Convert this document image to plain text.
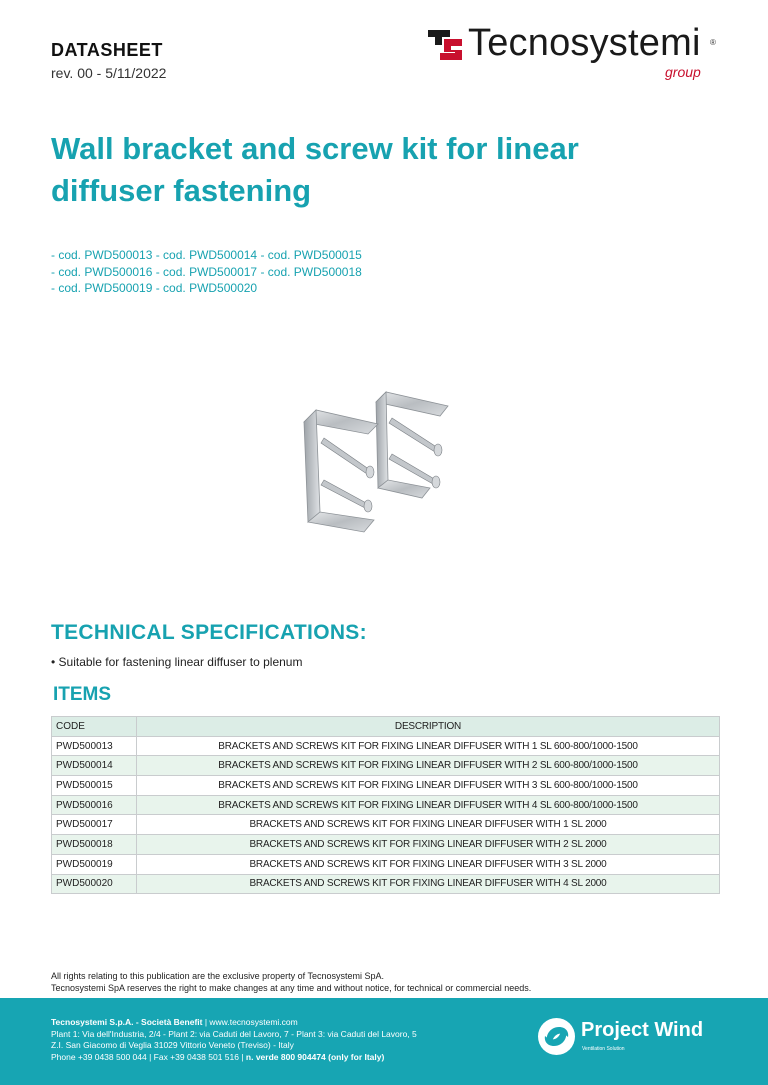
DATASHEET
rev. 00 - 5/11/2022
Tecnosystemi ®
group
Wall bracket and screw kit for linear diffuser fastening
- cod. PWD500013 - cod. PWD500014 - cod. PWD500015
- cod. PWD500016 - cod. PWD500017 - cod. PWD500018
- cod. PWD500019 - cod. PWD500020
TECHNICAL SPECIFICATIONS:
• Suitable for fastening linear diffuser to plenum
ITEMS
CODE	DESCRIPTION
PWD500013	BRACKETS AND SCREWS KIT FOR FIXING LINEAR DIFFUSER WITH 1 SL 600-800/1000-1500
PWD500014	BRACKETS AND SCREWS KIT FOR FIXING LINEAR DIFFUSER WITH 2 SL 600-800/1000-1500
PWD500015	BRACKETS AND SCREWS KIT FOR FIXING LINEAR DIFFUSER WITH 3 SL 600-800/1000-1500
PWD500016	BRACKETS AND SCREWS KIT FOR FIXING LINEAR DIFFUSER WITH 4 SL 600-800/1000-1500
PWD500017	BRACKETS AND SCREWS KIT FOR FIXING LINEAR DIFFUSER WITH 1 SL 2000
PWD500018	BRACKETS AND SCREWS KIT FOR FIXING LINEAR DIFFUSER WITH 2 SL 2000
PWD500019	BRACKETS AND SCREWS KIT FOR FIXING LINEAR DIFFUSER WITH 3 SL 2000
PWD500020	BRACKETS AND SCREWS KIT FOR FIXING LINEAR DIFFUSER WITH 4 SL 2000
All rights relating to this publication are the exclusive property of Tecnosystemi SpA.
Tecnosystemi SpA reserves the right to make changes at any time and without notice, for technical or commercial needs.
Tecnosystemi S.p.A. - Società Benefit | www.tecnosystemi.com
Plant 1: Via dell'Industria, 2/4 - Plant 2: via Caduti del Lavoro, 7 - Plant 3: via Caduti del Lavoro, 5
Z.I. San Giacomo di Veglia 31029 Vittorio Veneto (Treviso) - Italy
Phone +39 0438 500 044 | Fax +39 0438 501 516 | n. verde 800 904474 (only for Italy)
Project Wind
Ventilation Solution
